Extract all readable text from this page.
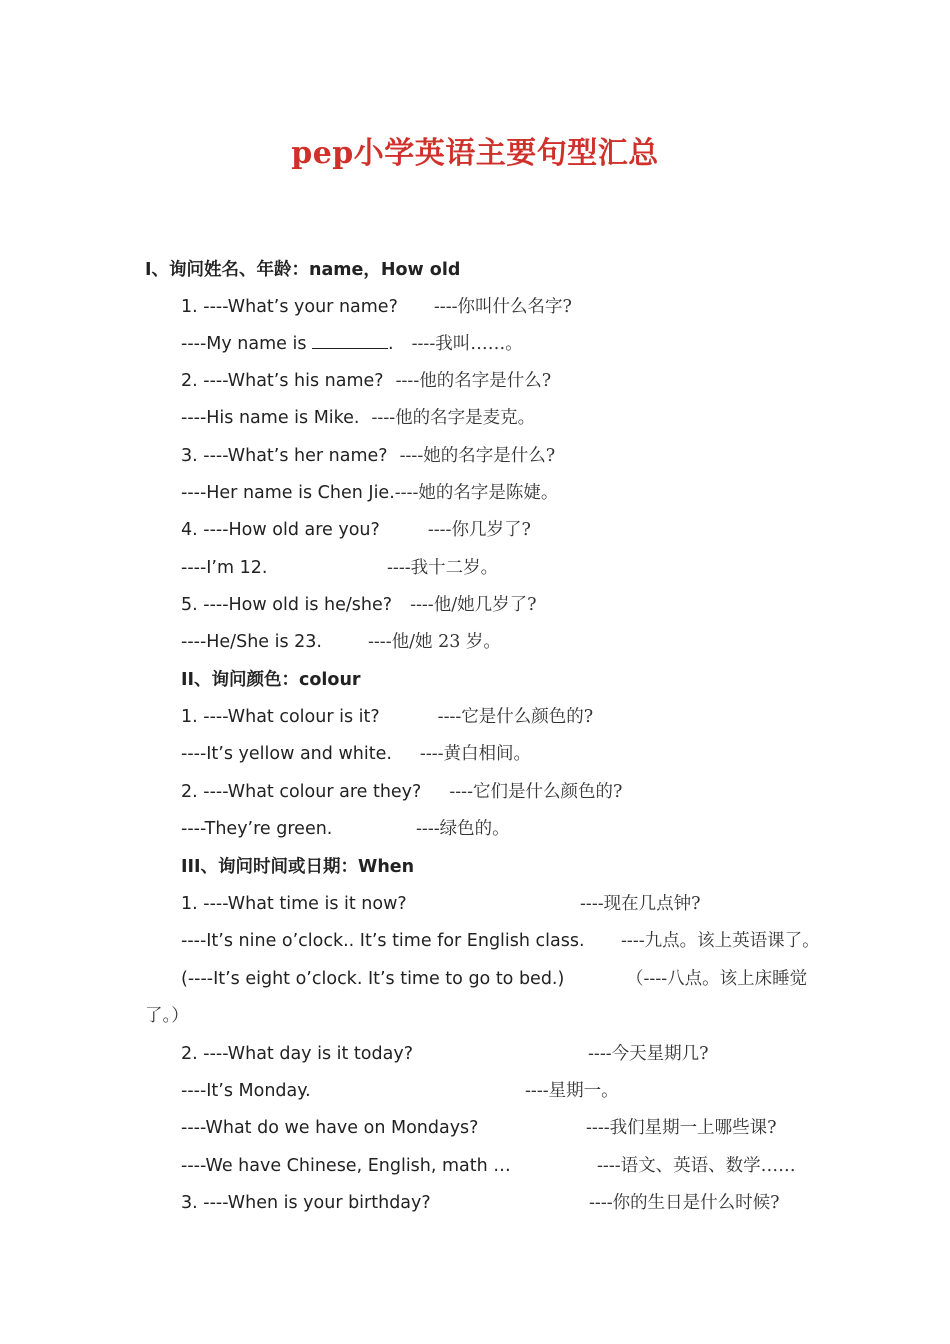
pep小学英语主要句型汇总
I、询问姓名、年龄：name，How old
1. ----What’s your name? ----你叫什么名字?
----My name is	. ----我叫……。
2. ----What’s his name? ----他的名字是什么?
----His name is Mike. ----他的名字是麦克。
3. ----What’s her name? ----她的名字是什么?
----Her name is Chen Jie.----她的名字是陈婕。
4. ----How old are you?	----你几岁了?
----I’m 12.	----我十二岁。
5. ----How old is he/she? ----他/她几岁了?
----He/She is 23.	----他/她 23 岁。
II、询问颜色：colour
1. ----What colour is it?	----它是什么颜色的?
----It’s yellow and white. ----黄白相间。
2. ----What colour are they? ----它们是什么颜色的?
----They’re green.	----绿色的。
III、询问时间或日期：When
1. ----What time is it now?	----现在几点钟?
----It’s nine o’clock.. It’s time for English class. ----九点。该上英语课了。
(----It’s eight o’clock. It’s time to go to bed.)	（----八点。该上床睡觉
了。）
2. ----What day is it today?	----今天星期几?
----It’s Monday.	----星期一。
----What do we have on Mondays?	----我们星期一上哪些课?
----We have Chinese, English, math …	----语文、英语、数学……
3. ----When is your birthday?	----你的生日是什么时候?
